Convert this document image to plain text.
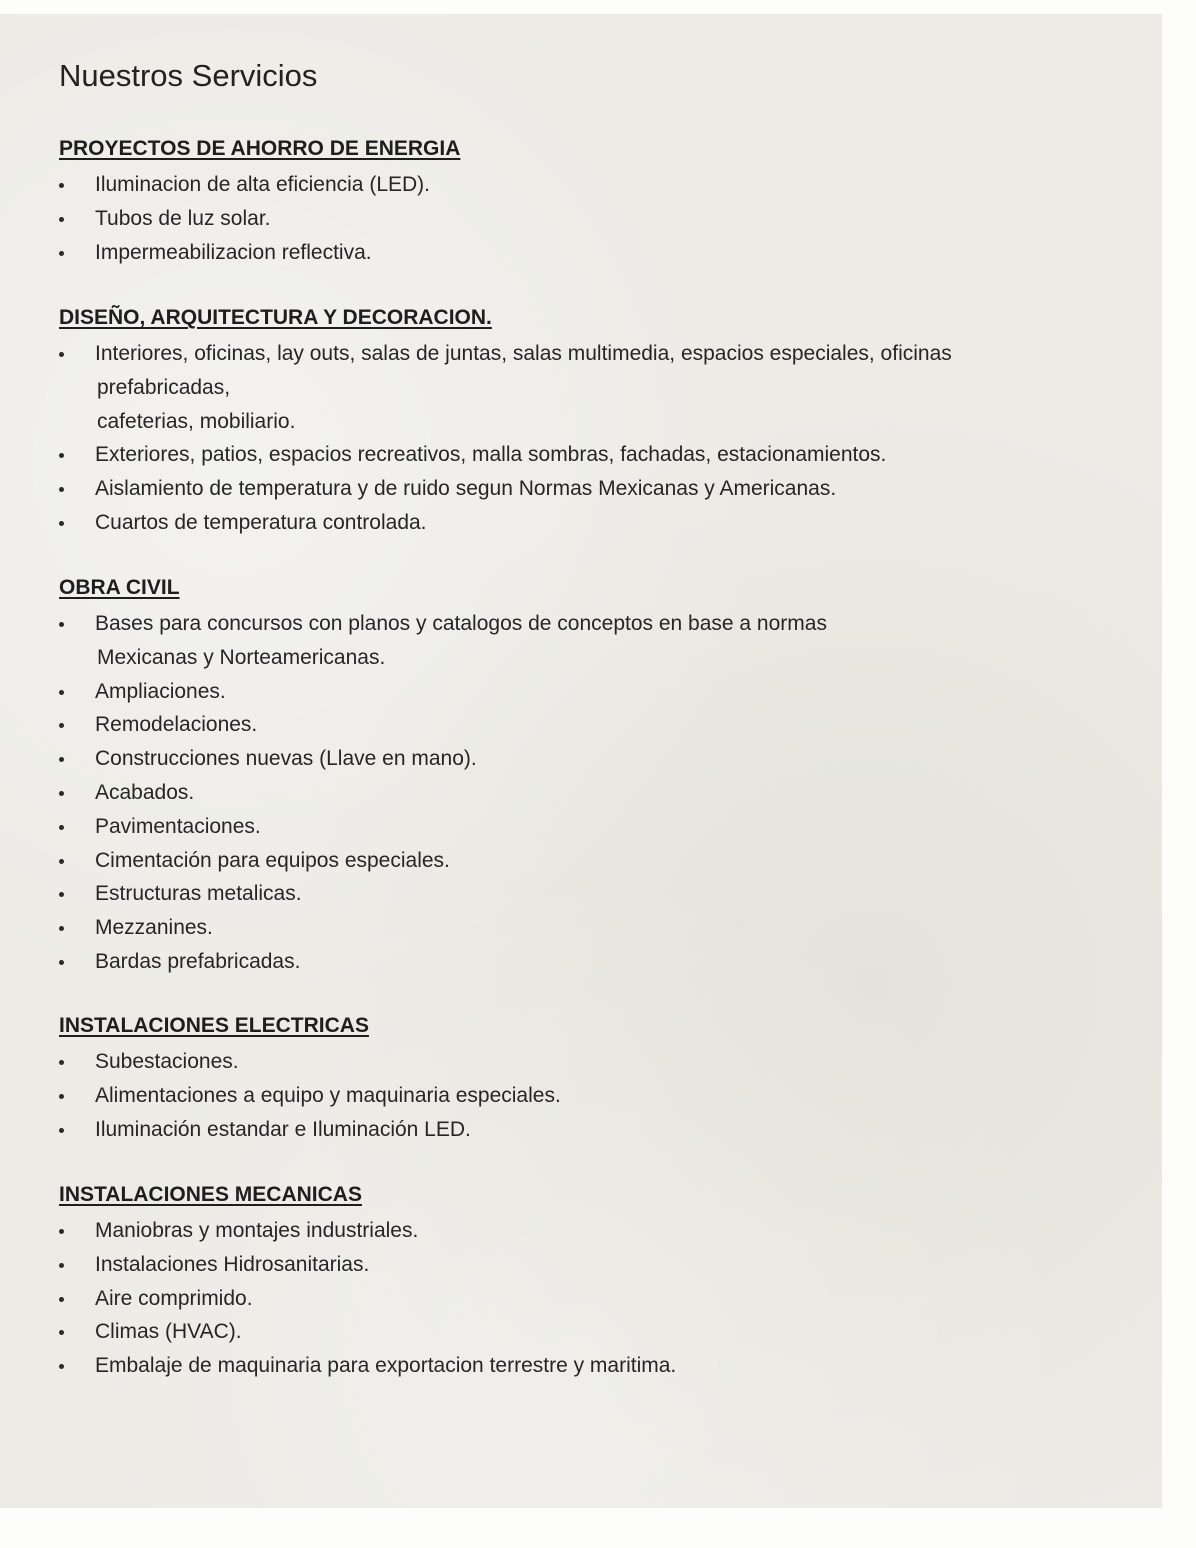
Nuestros Servicios
PROYECTOS DE AHORRO DE ENERGIA
Iluminacion de alta eficiencia (LED).
Tubos de luz solar.
Impermeabilizacion reflectiva.
DISEÑO, ARQUITECTURA Y DECORACION.
Interiores, oficinas, lay outs, salas de juntas, salas multimedia, espacios especiales, oficinas
prefabricadas,
cafeterias, mobiliario.
Exteriores, patios, espacios recreativos, malla sombras, fachadas, estacionamientos.
Aislamiento de temperatura y de ruido segun Normas Mexicanas y Americanas.
Cuartos de temperatura controlada.
OBRA CIVIL
Bases para concursos con planos y catalogos de conceptos en base a normas
Mexicanas y Norteamericanas.
Ampliaciones.
Remodelaciones.
Construcciones nuevas (Llave en mano).
Acabados.
Pavimentaciones.
Cimentación para equipos especiales.
Estructuras metalicas.
Mezzanines.
Bardas prefabricadas.
INSTALACIONES ELECTRICAS
Subestaciones.
Alimentaciones a equipo y maquinaria especiales.
Iluminación estandar e Iluminación LED.
INSTALACIONES MECANICAS
Maniobras y montajes industriales.
Instalaciones Hidrosanitarias.
Aire comprimido.
Climas (HVAC).
Embalaje de maquinaria para exportacion terrestre y maritima.
